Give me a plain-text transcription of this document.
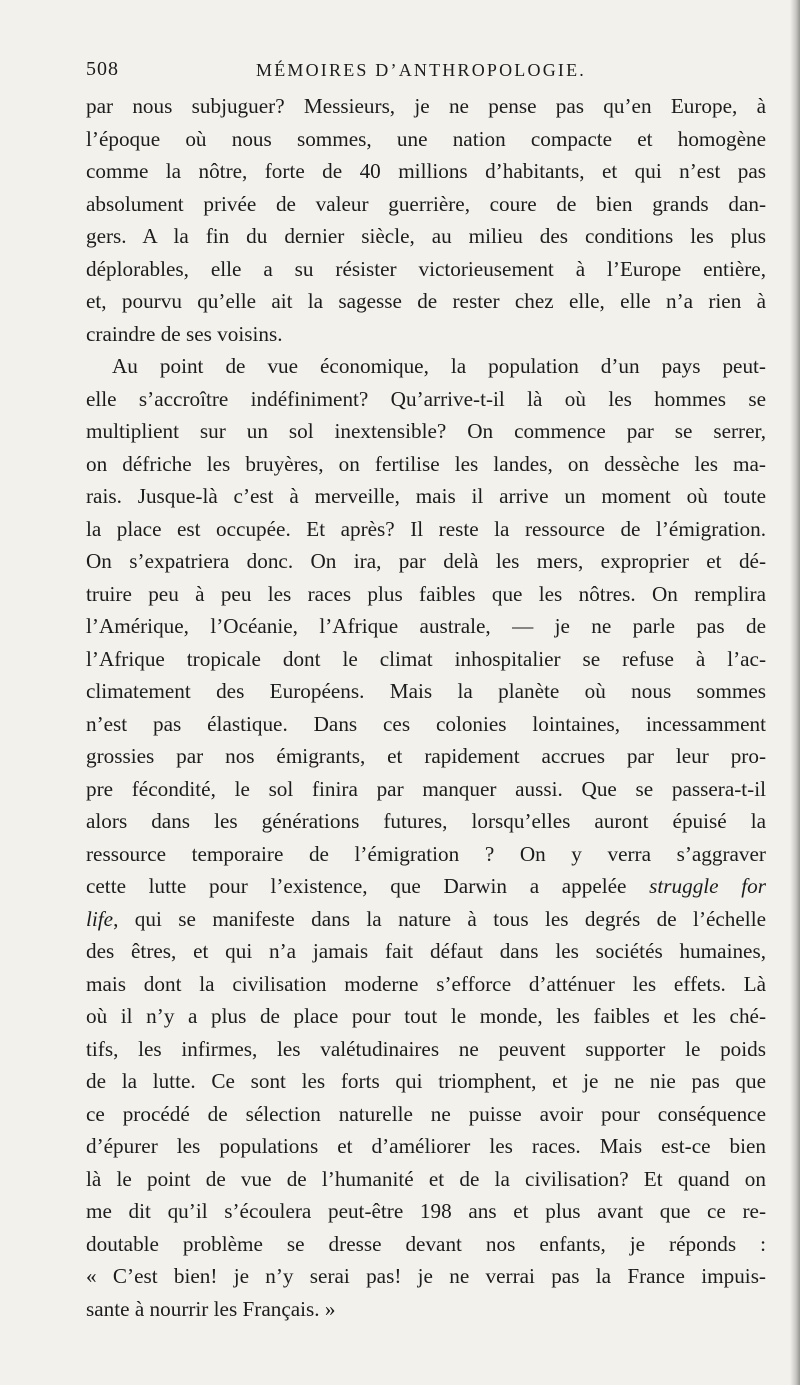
508	MÉMOIRES D’ANTHROPOLOGIE.

par nous subjuguer? Messieurs, je ne pense pas qu’en Europe, à
l’époque où nous sommes, une nation compacte et homogène
comme la nôtre, forte de 40 millions d’habitants, et qui n’est pas
absolument privée de valeur guerrière, coure de bien grands dan-
gers. A la fin du dernier siècle, au milieu des conditions les plus
déplorables, elle a su résister victorieusement à l’Europe entière,
et, pourvu qu’elle ait la sagesse de rester chez elle, elle n’a rien à
craindre de ses voisins.

Au point de vue économique, la population d’un pays peut-
elle s’accroître indéfiniment? Qu’arrive-t-il là où les hommes se
multiplient sur un sol inextensible? On commence par se serrer,
on défriche les bruyères, on fertilise les landes, on dessèche les ma-
rais. Jusque-là c’est à merveille, mais il arrive un moment où toute
la place est occupée. Et après? Il reste la ressource de l’émigration.
On s’expatriera donc. On ira, par delà les mers, exproprier et dé-
truire peu à peu les races plus faibles que les nôtres. On remplira
l’Amérique, l’Océanie, l’Afrique australe, — je ne parle pas de
l’Afrique tropicale dont le climat inhospitalier se refuse à l’ac-
climatement des Européens. Mais la planète où nous sommes
n’est pas élastique. Dans ces colonies lointaines, incessamment
grossies par nos émigrants, et rapidement accrues par leur pro-
pre fécondité, le sol finira par manquer aussi. Que se passera-t-il
alors dans les générations futures, lorsqu’elles auront épuisé la
ressource temporaire de l’émigration ? On y verra s’aggraver
cette lutte pour l’existence, que Darwin a appelée struggle for
life, qui se manifeste dans la nature à tous les degrés de l’échelle
des êtres, et qui n’a jamais fait défaut dans les sociétés humaines,
mais dont la civilisation moderne s’efforce d’atténuer les effets. Là
où il n’y a plus de place pour tout le monde, les faibles et les ché-
tifs, les infirmes, les valétudinaires ne peuvent supporter le poids
de la lutte. Ce sont les forts qui triomphent, et je ne nie pas que
ce procédé de sélection naturelle ne puisse avoir pour conséquence
d’épurer les populations et d’améliorer les races. Mais est-ce bien
là le point de vue de l’humanité et de la civilisation? Et quand on
me dit qu’il s’écoulera peut-être 198 ans et plus avant que ce re-
doutable problème se dresse devant nos enfants, je réponds :
« C’est bien! je n’y serai pas! je ne verrai pas la France impuis-
sante à nourrir les Français. »
